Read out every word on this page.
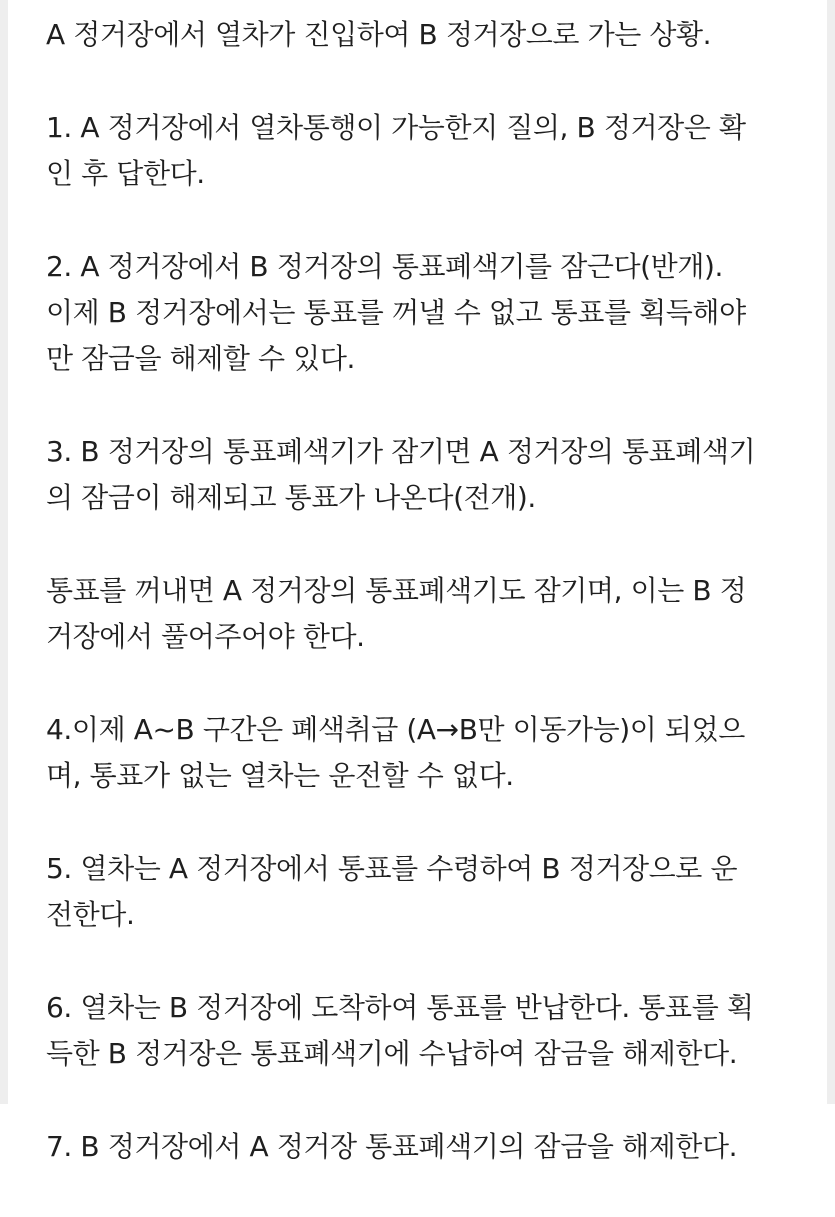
A 정거장에서 열차가 진입하여 B 정거장으로 가는 상황.

1. A 정거장에서 열차통행이 가능한지 질의, B 정거장은 확
인 후 답한다.

2. A 정거장에서 B 정거장의 통표폐색기를 잠근다(반개).
이제 B 정거장에서는 통표를 꺼낼 수 없고 통표를 획득해야
만 잠금을 해제할 수 있다.

3. B 정거장의 통표폐색기가 잠기면 A 정거장의 통표폐색기
의 잠금이 해제되고 통표가 나온다(전개).

통표를 꺼내면 A 정거장의 통표폐색기도 잠기며, 이는 B 정
거장에서 풀어주어야 한다.

4.이제 A~B 구간은 폐색취급 (A→B만 이동가능)이 되었으
며, 통표가 없는 열차는 운전할 수 없다.

5. 열차는 A 정거장에서 통표를 수령하여 B 정거장으로 운
전한다.

6. 열차는 B 정거장에 도착하여 통표를 반납한다. 통표를 획
득한 B 정거장은 통표폐색기에 수납하여 잠금을 해제한다.

7. B 정거장에서 A 정거장 통표폐색기의 잠금을 해제한다.
